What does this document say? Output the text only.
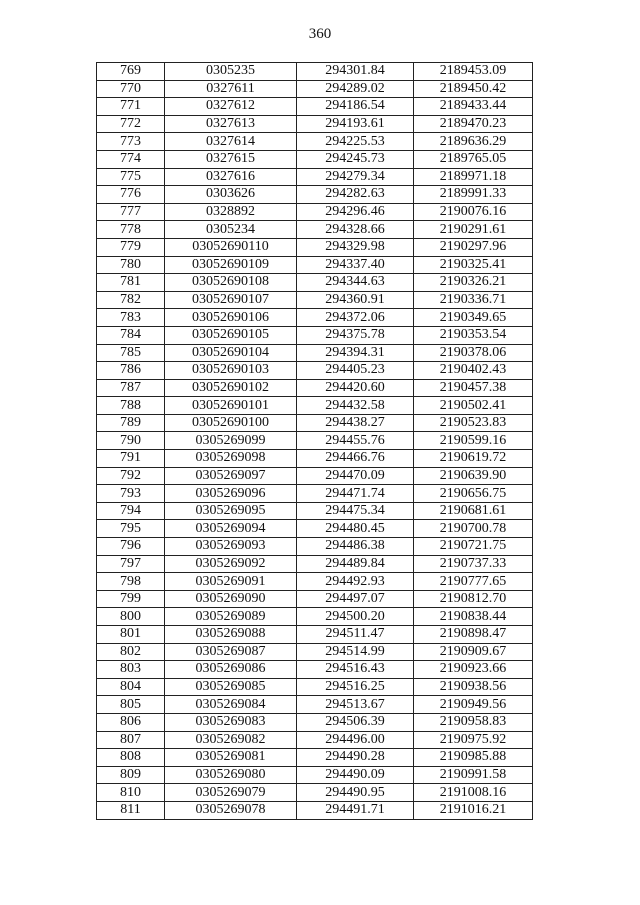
360
769	0305235	294301.84	2189453.09
770	0327611	294289.02	2189450.42
771	0327612	294186.54	2189433.44
772	0327613	294193.61	2189470.23
773	0327614	294225.53	2189636.29
774	0327615	294245.73	2189765.05
775	0327616	294279.34	2189971.18
776	0303626	294282.63	2189991.33
777	0328892	294296.46	2190076.16
778	0305234	294328.66	2190291.61
779	03052690110	294329.98	2190297.96
780	03052690109	294337.40	2190325.41
781	03052690108	294344.63	2190326.21
782	03052690107	294360.91	2190336.71
783	03052690106	294372.06	2190349.65
784	03052690105	294375.78	2190353.54
785	03052690104	294394.31	2190378.06
786	03052690103	294405.23	2190402.43
787	03052690102	294420.60	2190457.38
788	03052690101	294432.58	2190502.41
789	03052690100	294438.27	2190523.83
790	0305269099	294455.76	2190599.16
791	0305269098	294466.76	2190619.72
792	0305269097	294470.09	2190639.90
793	0305269096	294471.74	2190656.75
794	0305269095	294475.34	2190681.61
795	0305269094	294480.45	2190700.78
796	0305269093	294486.38	2190721.75
797	0305269092	294489.84	2190737.33
798	0305269091	294492.93	2190777.65
799	0305269090	294497.07	2190812.70
800	0305269089	294500.20	2190838.44
801	0305269088	294511.47	2190898.47
802	0305269087	294514.99	2190909.67
803	0305269086	294516.43	2190923.66
804	0305269085	294516.25	2190938.56
805	0305269084	294513.67	2190949.56
806	0305269083	294506.39	2190958.83
807	0305269082	294496.00	2190975.92
808	0305269081	294490.28	2190985.88
809	0305269080	294490.09	2190991.58
810	0305269079	294490.95	2191008.16
811	0305269078	294491.71	2191016.21
